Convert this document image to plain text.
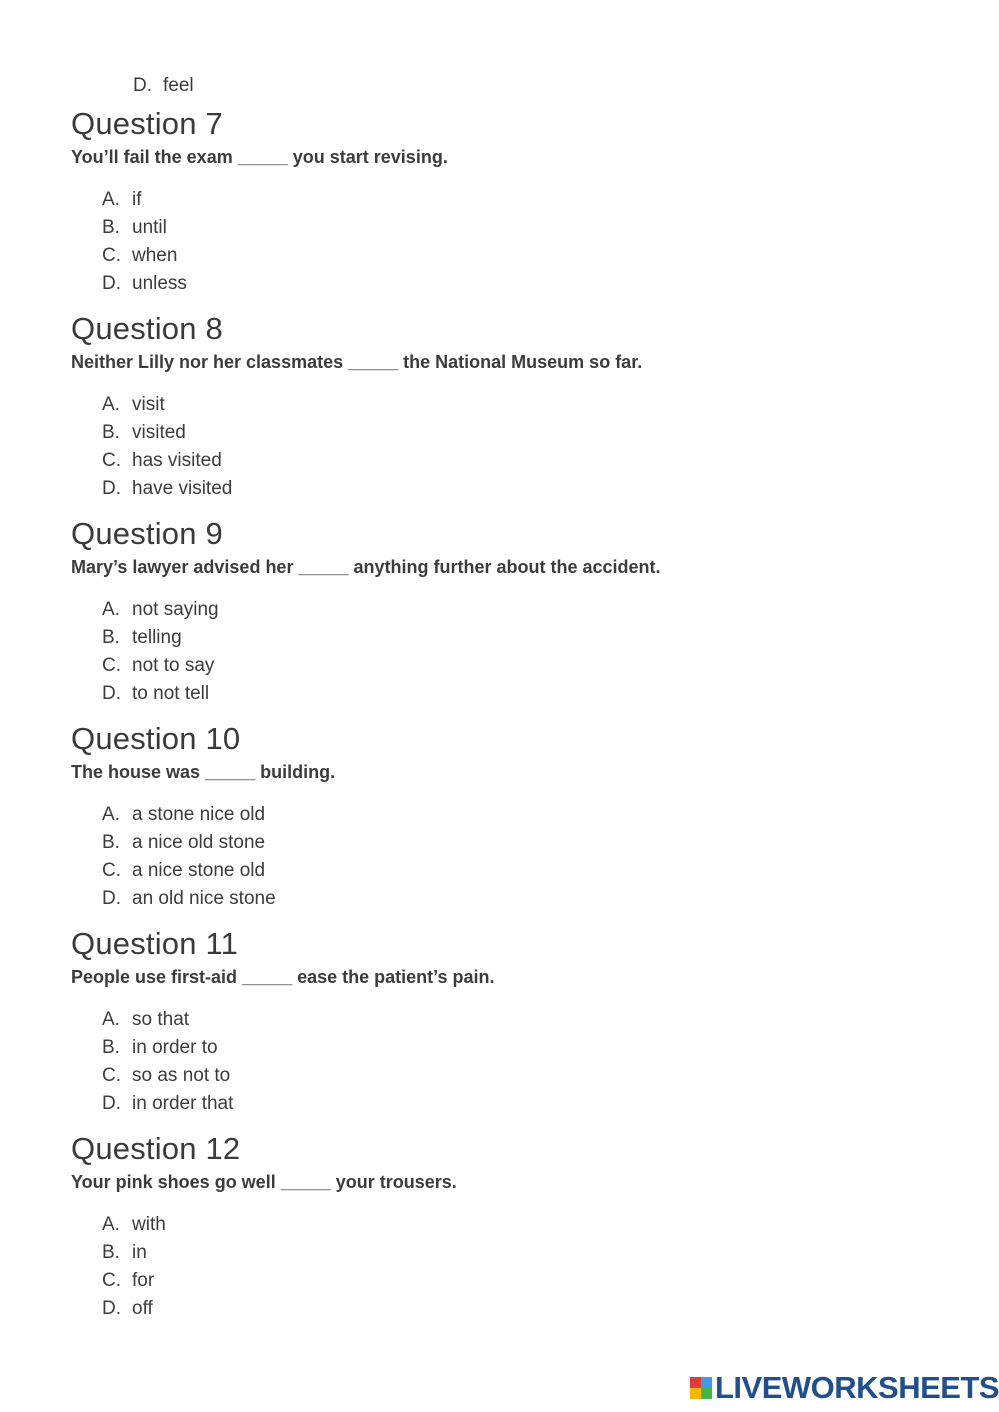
D. feel
Question 7

You’ll fail the exam _____ you start revising.

A. if
B. until
C. when
D. unless
Question 8

Neither Lilly nor her classmates _____ the National Museum so far.

A. visit
B. visited
C. has visited
D. have visited
Question 9

Mary’s lawyer advised her _____ anything further about the accident.

A. not saying
B. telling
C. not to say
D. to not tell
Question 10

The house was _____ building.

A. a stone nice old
B. a nice old stone
C. a nice stone old
D. an old nice stone
Question 11

People use first-aid _____ ease the patient’s pain.

A. so that
B. in order to
C. so as not to
D. in order that
Question 12

Your pink shoes go well _____ your trousers.

A. with
B. in
C. for
D. off
LIVEWORKSHEETS
